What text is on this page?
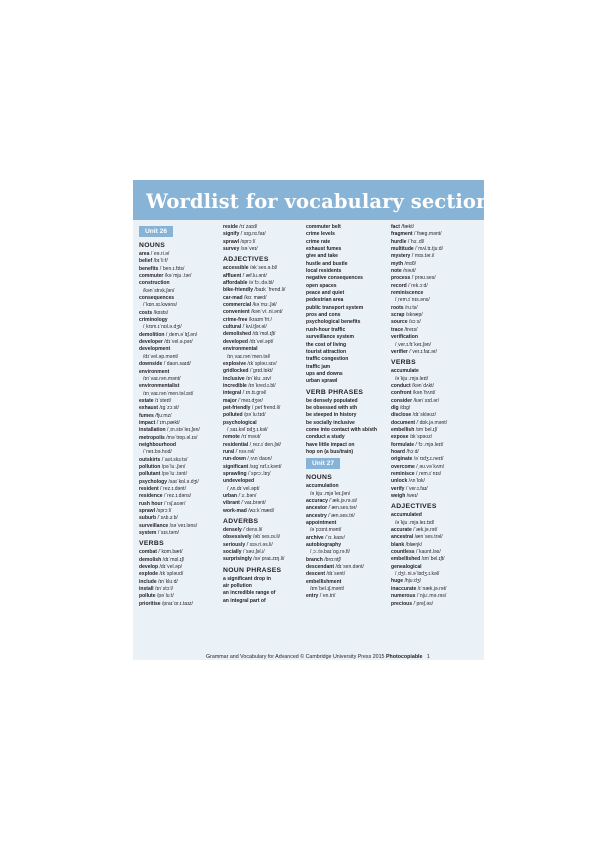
Wordlist for vocabulary section
Unit 26
NOUNS
area /ˈeə.ri.ə/
belief /bɪˈliːf/
benefits /ˈben.ɪ.fɪts/
commuter /kəˈmjuː.tər/
construction
/kənˈstrʌk.ʃən/
consequences
/ˈkɒn.sɪ.kwəns/
costs /kɒsts/
criminology
/ˌkrɪm.ɪˈnɒl.ə.dʒi/
demolition /ˌdem.əˈlɪʃ.ən/
developer /dɪˈvel.ə.pər/
development
/dɪˈvel.əp.mənt/
downside /ˈdaʊn.saɪd/
environment
/ɪnˈvaɪ.rən.mənt/
environmentalist
/ɪnˌvaɪ.rənˈmen.təl.ɪst/
estate /ɪˈsteɪt/
exhaust /ɪɡˈzɔːst/
fumes /fjuːmz/
impact /ˈɪm.pækt/
installation /ˌɪn.stəˈleɪ.ʃən/
metropolis /məˈtrɒp.əl.ɪs/
neighbourhood
/ˈneɪ.bə.hʊd/
outskirts /ˈaʊt.skɜːts/
pollution /pəˈluː.ʃən/
pollutant /pəˈluː.tənt/
psychology /saɪˈkɒl.ə.dʒi/
resident /ˈrez.ɪ.dənt/
residence /ˈrez.ɪ.dəns/
rush hour /ˈrʌʃ.aʊər/
sprawl /sprɔːl/
suburb /ˈsʌb.ɜːb/
surveillance /səˈveɪ.ləns/
system /ˈsɪs.təm/
VERBS
combat /ˈkɒm.bæt/
demolish /dɪˈmɒl.ɪʃ/
develop /dɪˈvel.əp/
explode /ɪkˈspləʊd/
include /ɪnˈkluːd/
install /ɪnˈstɔːl/
pollute /pəˈluːt/
prioritise /praɪˈɒr.ɪ.taɪz/
reside /rɪˈzaɪd/
signify /ˈsɪɡ.nɪ.faɪ/
sprawl /sprɔːl/
survey /səˈveɪ/
ADJECTIVES
accessible /əkˈses.ə.bl/
affluent /ˈæf.lu.ənt/
affordable /əˈfɔː.də.bl/
bike-friendly /baɪk ˈfrend.li/
car-mad /kɑː mæd/
commercial /kəˈmɜː.ʃəl/
convenient /kənˈviː.ni.ənt/
crime-free /kraɪmˈfriː/
cultural /ˈkʌl.tʃər.əl/
demolished /dɪˈmɒl.ɪʃt/
developed /dɪˈvel.əpt/
environmental
/ɪnˌvaɪ.rənˈmen.təl/
explosive /ɪkˈspləʊ.sɪv/
gridlocked /ˈɡrɪd.lɒkt/
inclusive /ɪnˈkluː.sɪv/
incredible /ɪnˈkred.ɪ.bl/
integral /ˈɪn.tɪ.ɡrəl/
major /ˈmeɪ.dʒər/
pet-friendly /ˌpetˈfrend.li/
polluted /pəˈluːtɪd/
psychological
/ˌsaɪ.kəlˈɒdʒ.ɪ.kəl/
remote /rɪˈməʊt/
residential /ˌrez.ɪˈden.ʃəl/
rural /ˈrʊə.rəl/
run-down /ˌrʌnˈdaʊn/
significant /sɪɡˈnɪf.ɪ.kənt/
sprawling /ˈsprɔː.lɪŋ/
undeveloped
/ˌʌn.dɪˈvel.əpt/
urban /ˈɜː.bən/
vibrant /ˈvaɪ.brənt/
work-mad /wɜːkˈmæd/
ADVERBS
densely /ˈdens.li/
obsessively /əbˈses.ɪv.li/
seriously /ˈsɪə.ri.əs.li/
socially /ˈsəʊ.ʃəl.i/
surprisingly /səˈpraɪ.zɪŋ.li/
NOUN PHRASES
a significant drop in
air pollution
an incredible range of
an integral part of
commuter belt
crime levels
crime rate
exhaust fumes
give and take
hustle and bustle
local residents
negative consequences
open spaces
peace and quiet
pedestrian area
public transport system
pros and cons
psychological benefits
rush-hour traffic
surveillance system
the cost of living
tourist attraction
traffic congestion
traffic jam
ups and downs
urban sprawl
VERB PHRASES
be densely populated
be obsessed with sth
be steeped in history
be socially inclusive
come into contact with sb/sth
conduct a study
have little impact on
hop on (a bus/train)
Unit 27
NOUNS
accumulation
/əˌkjuː.mjəˈleɪ.ʃən/
accuracy /ˈæk.jə.rə.si/
ancestor /ˈæn.ses.tər/
ancestry /ˈæn.ses.tri/
appointment
/əˈpɔɪnt.mənt/
archive /ˈɑː.kaɪv/
autobiography
/ˌɔː.tə.baɪˈɒɡ.rə.fi/
branch /brɑːntʃ/
descendant /dɪˈsen.dənt/
descent /dɪˈsent/
embellishment
/ɪmˈbel.ɪʃ.mənt/
entry /ˈen.tri/
fact /fækt/
fragment /ˈfræɡ.mənt/
hurdle /ˈhɜː.dl/
multitude /ˈmʌl.tɪ.tjuːd/
mystery /ˈmɪs.tər.i/
myth /mɪθ/
note /nəʊt/
process /ˈprəʊ.ses/
record /ˈrek.ɔːd/
reminiscence
/ˌrem.ɪˈnɪs.əns/
roots /ruːts/
scrap /skræp/
source /sɔːs/
trace /treɪs/
verification
/ˌver.ɪ.fɪˈkeɪ.ʃən/
verifier /ˈver.ɪ.faɪ.ər/
VERBS
accumulate
/əˈkjuː.mjə.leɪt/
conduct /kənˈdʌkt/
confront /kənˈfrʌnt/
consider /kənˈsɪd.ər/
dig /dɪɡ/
disclose /dɪˈskləʊz/
document /ˈdɒk.jə.mənt/
embellish /ɪmˈbel.ɪʃ/
expose /ɪkˈspəʊz/
formulate /ˈfɔː.mjə.leɪt/
hoard /hɔːd/
originate /əˈrɪdʒ.ɪ.neɪt/
overcome /ˌəʊ.vəˈkʌm/
reminisce /ˌrem.ɪˈnɪs/
unlock /ʌnˈlɒk/
verify /ˈver.ɪ.faɪ/
weigh /weɪ/
ADJECTIVES
accumulated
/əˈkjuː.mjə.leɪ.tɪd/
accurate /ˈæk.jə.rət/
ancestral /ænˈses.trəl/
blank /blæŋk/
countless /ˈkaʊnt.ləs/
embellished /ɪmˈbel.ɪʃt/
genealogical
/ˌdʒiː.ni.əˈlɒdʒ.ɪ.kəl/
huge /hjuːdʒ/
inaccurate /ɪˈnæk.jə.rət/
numerous /ˈnjuː.mə.rəs/
precious /ˈpreʃ.əs/
Grammar and Vocabulary for Advanced © Cambridge University Press 2015 Photocopiable 1
